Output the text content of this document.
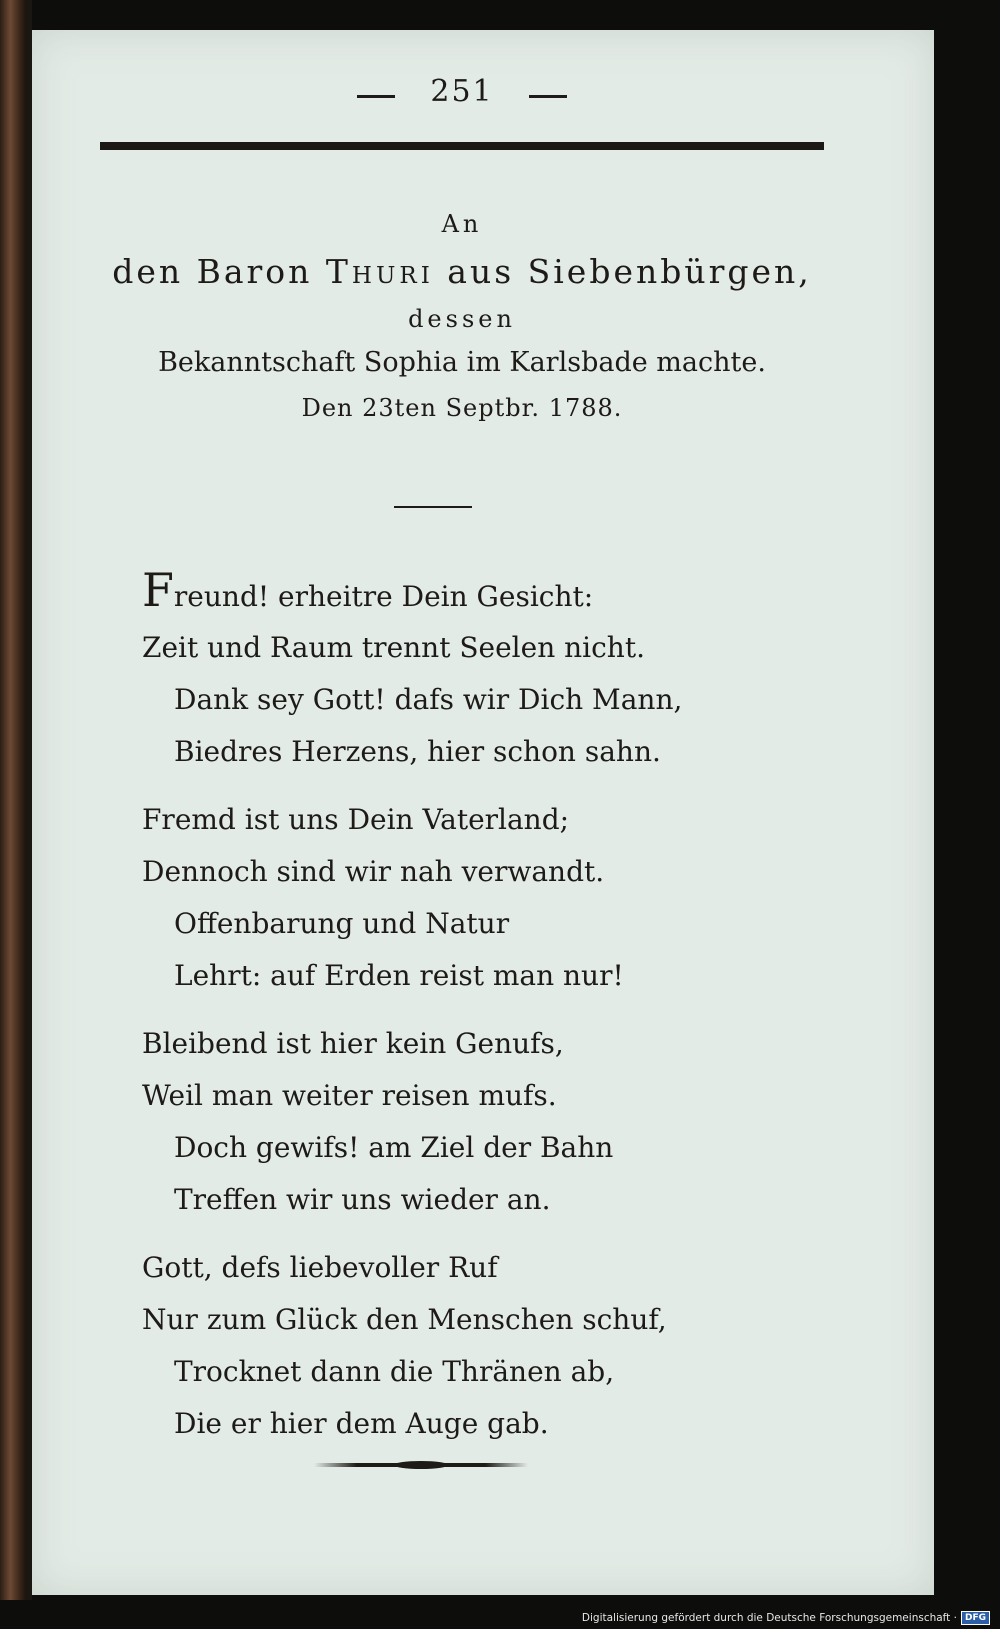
251

An

den Baron Thuri aus Siebenbürgen,

dessen

Bekanntschaft Sophia im Karlsbade machte.

Den 23ten Septbr. 1788.

Freund! erheitre Dein Gesicht:
Zeit und Raum trennt Seelen nicht.
Dank sey Gott! dafs wir Dich Mann,
Biedres Herzens, hier schon sahn.
Fremd ist uns Dein Vaterland;
Dennoch sind wir nah verwandt.
Offenbarung und Natur
Lehrt: auf Erden reist man nur!
Bleibend ist hier kein Genufs,
Weil man weiter reisen mufs.
Doch gewifs! am Ziel der Bahn
Treffen wir uns wieder an.
Gott, defs liebevoller Ruf
Nur zum Glück den Menschen schuf,
Trocknet dann die Thränen ab,
Die er hier dem Auge gab.
Digitalisierung gefördert durch die Deutsche Forschungsgemeinschaft · DFG
